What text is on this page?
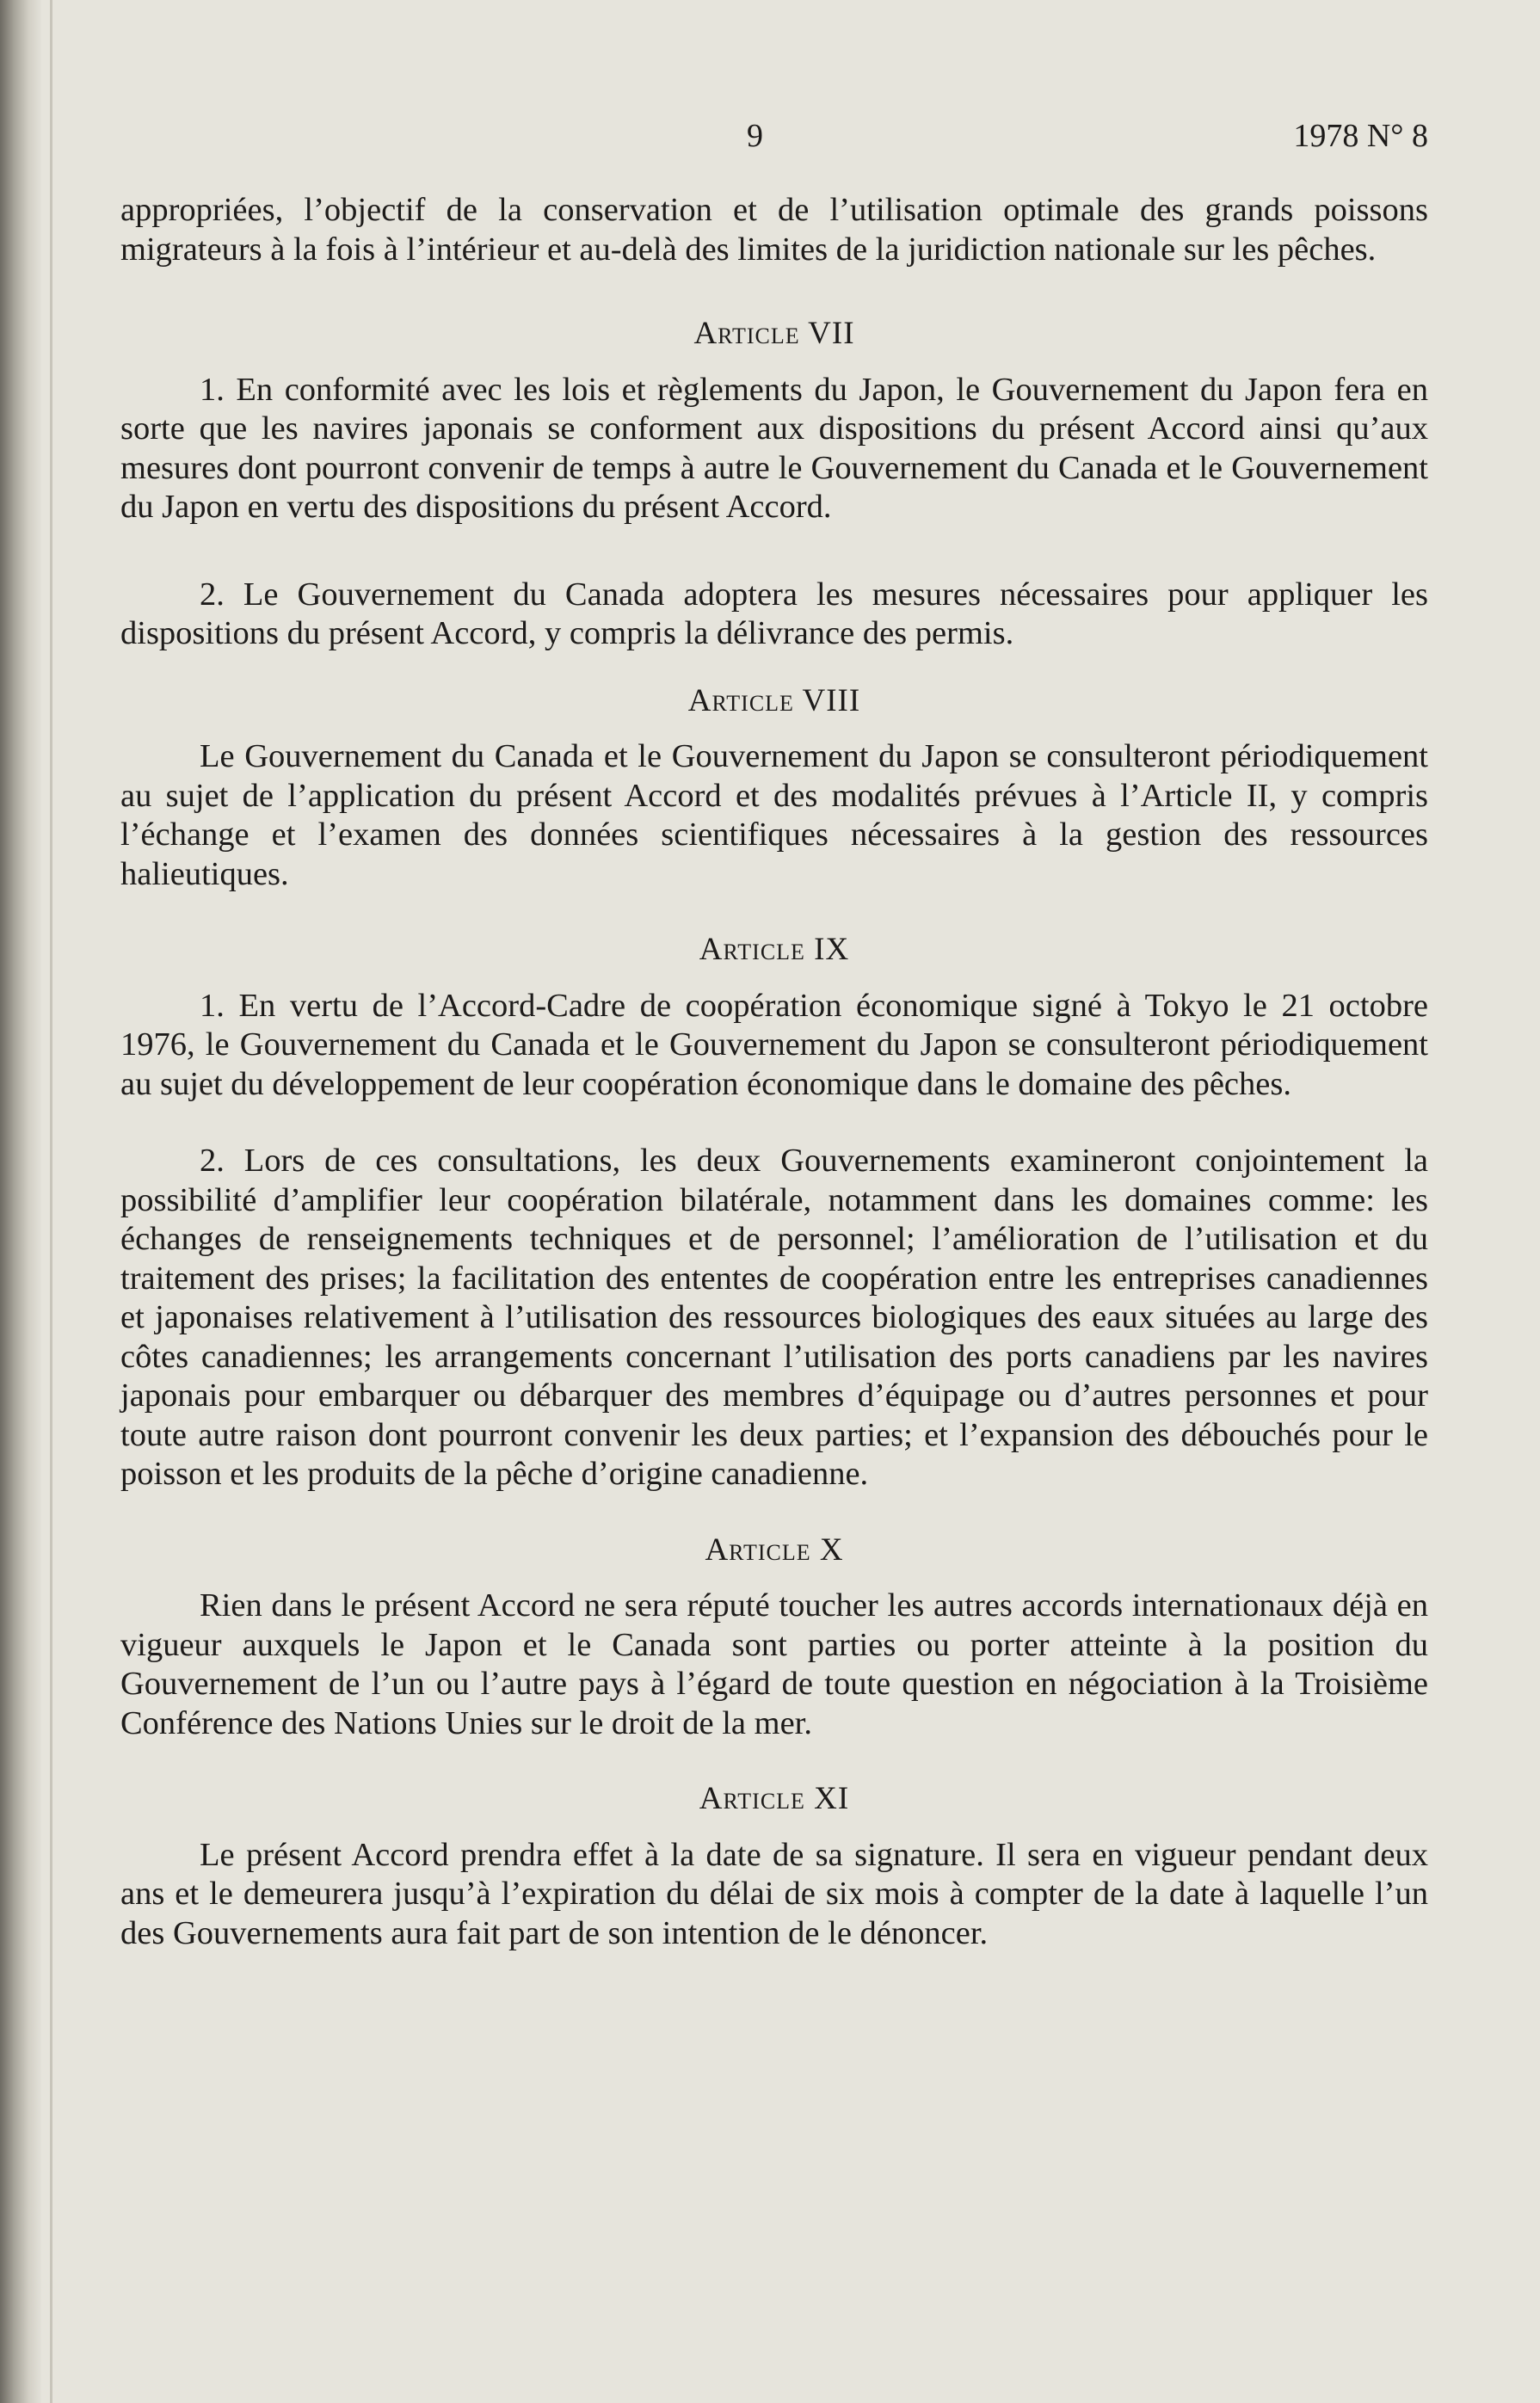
9	1978 N° 8

appropriées, l’objectif de la conservation et de l’utilisation optimale des grands poissons migrateurs à la fois à l’intérieur et au-delà des limites de la juridiction nationale sur les pêches.

Article VII

1. En conformité avec les lois et règlements du Japon, le Gouvernement du Japon fera en sorte que les navires japonais se conforment aux dispositions du présent Accord ainsi qu’aux mesures dont pourront convenir de temps à autre le Gouvernement du Canada et le Gouvernement du Japon en vertu des dispositions du présent Accord.

2. Le Gouvernement du Canada adoptera les mesures nécessaires pour appliquer les dispositions du présent Accord, y compris la délivrance des permis.

Article VIII

Le Gouvernement du Canada et le Gouvernement du Japon se consulteront périodiquement au sujet de l’application du présent Accord et des modalités prévues à l’Article II, y compris l’échange et l’examen des données scientifiques nécessaires à la gestion des ressources halieutiques.

Article IX

1. En vertu de l’Accord-Cadre de coopération économique signé à Tokyo le 21 octobre 1976, le Gouvernement du Canada et le Gouvernement du Japon se consulteront périodiquement au sujet du développement de leur coopération économique dans le domaine des pêches.

2. Lors de ces consultations, les deux Gouvernements examineront conjointement la possibilité d’amplifier leur coopération bilatérale, notamment dans les domaines comme: les échanges de renseignements techniques et de personnel; l’amélioration de l’utilisation et du traitement des prises; la facilitation des ententes de coopération entre les entreprises canadiennes et japonaises relativement à l’utilisation des ressources biologiques des eaux situées au large des côtes canadiennes; les arrangements concernant l’utilisation des ports canadiens par les navires japonais pour embarquer ou débarquer des membres d’équipage ou d’autres personnes et pour toute autre raison dont pourront convenir les deux parties; et l’expansion des débouchés pour le poisson et les produits de la pêche d’origine canadienne.

Article X

Rien dans le présent Accord ne sera réputé toucher les autres accords internationaux déjà en vigueur auxquels le Japon et le Canada sont parties ou porter atteinte à la position du Gouvernement de l’un ou l’autre pays à l’égard de toute question en négociation à la Troisième Conférence des Nations Unies sur le droit de la mer.

Article XI

Le présent Accord prendra effet à la date de sa signature. Il sera en vigueur pendant deux ans et le demeurera jusqu’à l’expiration du délai de six mois à compter de la date à laquelle l’un des Gouvernements aura fait part de son intention de le dénoncer.
